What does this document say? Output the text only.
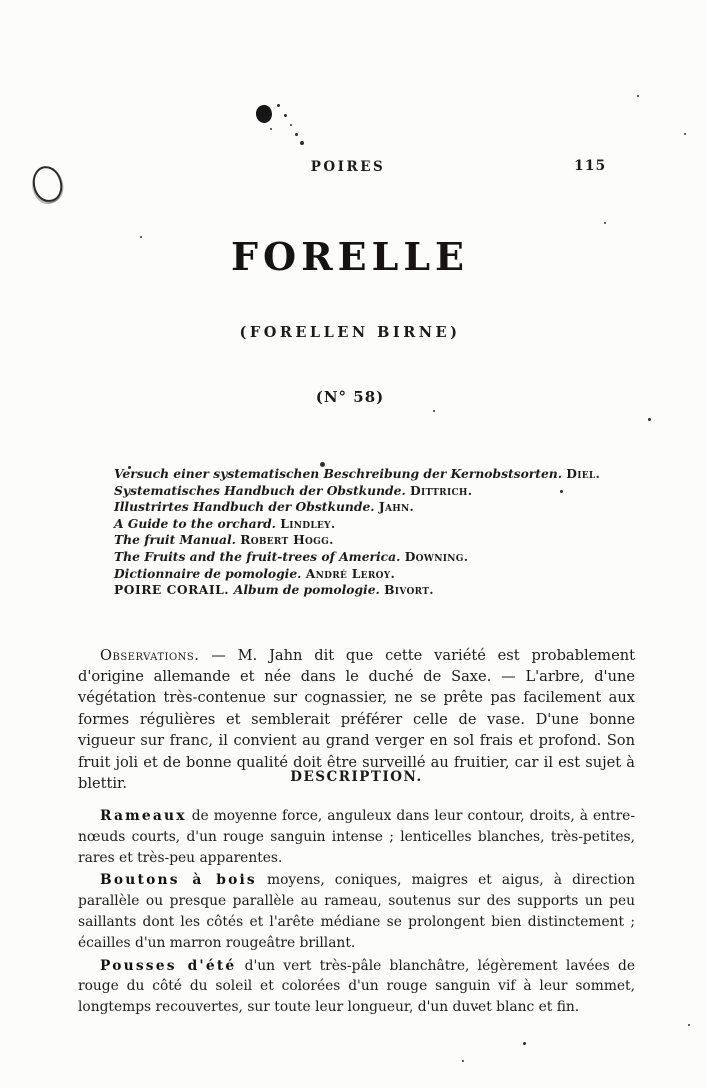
POIRES	115
FORELLE
(FORELLEN BIRNE)
(N° 58)
Versuch einer systematischen Beschreibung der Kernobstsorten. Diel.
Systematisches Handbuch der Obstkunde. Dittrich.
Illustrirtes Handbuch der Obstkunde. Jahn.
A Guide to the orchard. Lindley.
The fruit Manual. Robert Hogg.
The Fruits and the fruit-trees of America. Downing.
Dictionnaire de pomologie. André Leroy.
POIRE CORAIL. Album de pomologie. Bivort.

Observations. — M. Jahn dit que cette variété est probablement d'origine allemande et née dans le duché de Saxe. — L'arbre, d'une végétation très-contenue sur cognassier, ne se prête pas facilement aux formes régulières et semblerait préférer celle de vase. D'une bonne vigueur sur franc, il convient au grand verger en sol frais et profond. Son fruit joli et de bonne qualité doit être surveillé au fruitier, car il est sujet à blettir.	DESCRIPTION.

Rameaux de moyenne force, anguleux dans leur contour, droits, à entre-nœuds courts, d'un rouge sanguin intense ; lenticelles blanches, très-petites, rares et très-peu apparentes.

Boutons à bois moyens, coniques, maigres et aigus, à direction parallèle ou presque parallèle au rameau, soutenus sur des supports un peu saillants dont les côtés et l'arête médiane se prolongent bien distinctement ; écailles d'un marron rougeâtre brillant.

Pousses d'été d'un vert très-pâle blanchâtre, légèrement lavées de rouge du côté du soleil et colorées d'un rouge sanguin vif à leur sommet, longtemps recouvertes, sur toute leur longueur, d'un duvet blanc et fin.
